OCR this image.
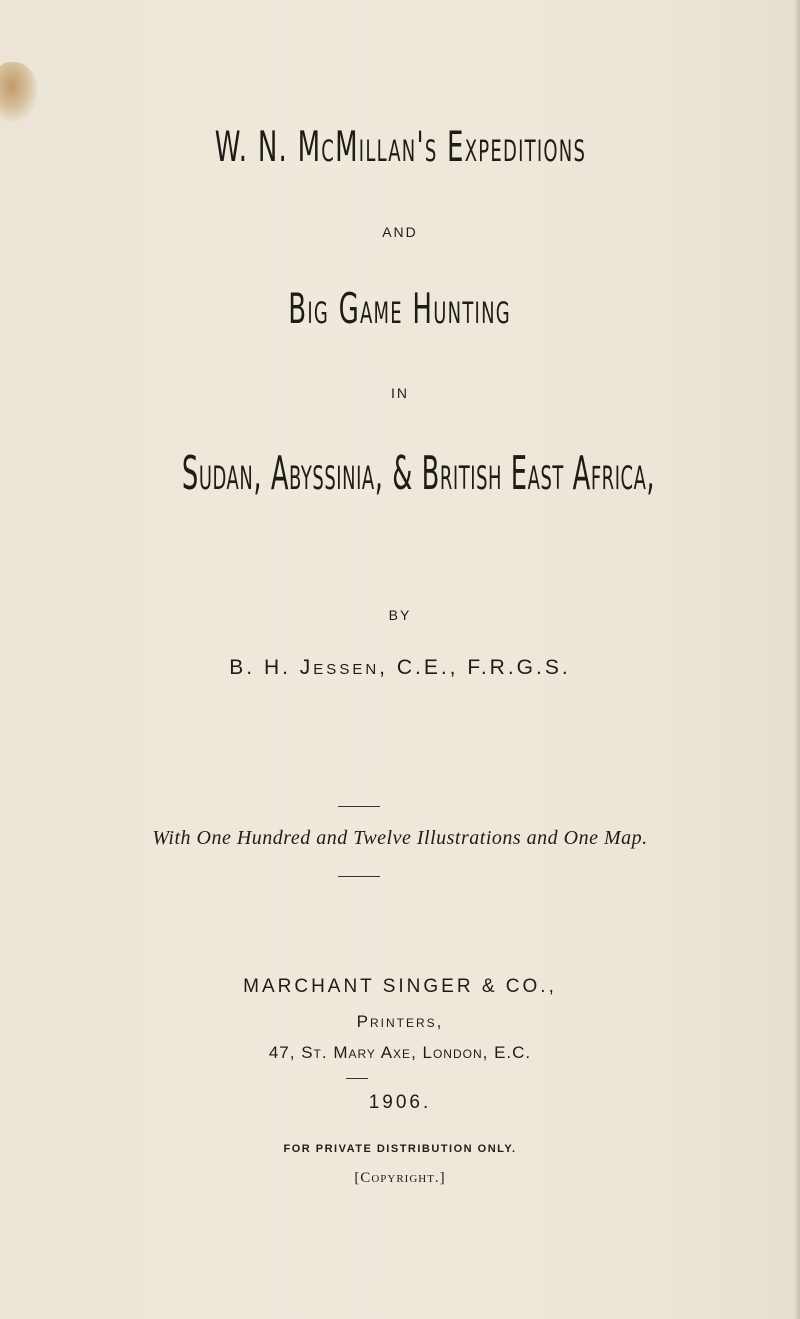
W. N. McMillan's Expeditions
AND
Big Game Hunting
IN
Sudan, Abyssinia, & British East Africa,
BY
B. H. Jessen, C.E., F.R.G.S.
With One Hundred and Twelve Illustrations and One Map.
MARCHANT SINGER & CO.,
Printers,
47, St. Mary Axe, London, E.C.
1906.
FOR PRIVATE DISTRIBUTION ONLY.
[Copyright.]
